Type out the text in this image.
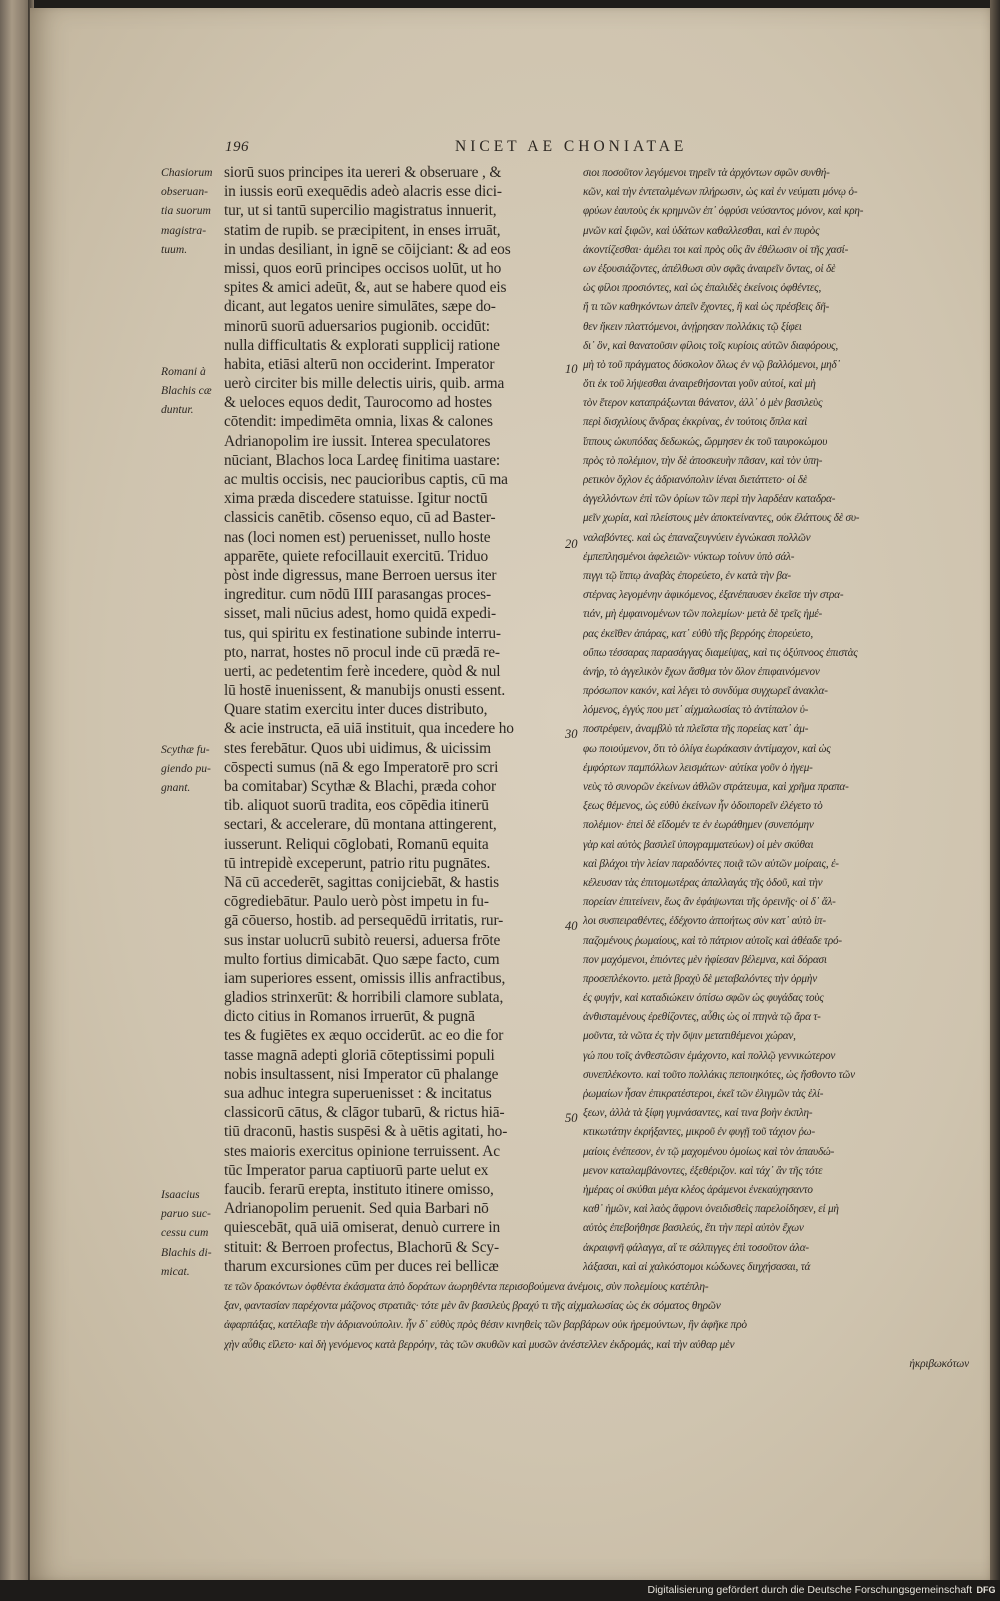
196	NICET AE CHONIATAE
Chasiorum
obseruan-
tia suorum
magistra-
tuum.
Romani à
Blachis cæ
duntur.
Scythæ fu-
giendo pu-
gnant.
Isaacius
paruo suc-
cessu cum
Blachis di-
micat.
10
20
30
40
50
siorū suos principes ita uereri & obseruare , &
in iussis eorū exequēdis adeò alacris esse dici-
tur, ut si tantū supercilio magistratus innuerit,
statim de rupib. se præcipitent, in enses irruāt,
in undas desiliant, in ignē se cōijciant: & ad eos
missi, quos eorū principes occisos uolūt, ut ho
spites & amici adeūt, &, aut se habere quod eis
dicant, aut legatos uenire simulātes, sæpe do-
minorū suorū aduersarios pugionib. occidūt:
nulla difficultatis & explorati supplicij ratione
habita, etiāsi alterū non occiderint. Imperator
uerò circiter bis mille delectis uiris, quib. arma
& ueloces equos dedit, Taurocomo ad hostes
cōtendit: impedimēta omnia, lixas & calones
Adrianopolim ire iussit. Interea speculatores
nūciant, Blachos loca Lardeę finitima uastare:
ac multis occisis, nec paucioribus captis, cū ma
xima præda discedere statuisse. Igitur noctū
classicis canētib. cōsenso equo, cū ad Baster-
nas (loci nomen est) peruenisset, nullo hoste
apparēte, quiete refocillauit exercitū. Triduo
pòst inde digressus, mane Berroen uersus iter
ingreditur. cum nōdū IIII parasangas proces-
sisset, mali nūcius adest, homo quidā expedi-
tus, qui spiritu ex festinatione subinde interru-
pto, narrat, hostes nō procul inde cū prædā re-
uerti, ac pedetentim ferè incedere, quòd & nul
lū hostē inuenissent, & manubijs onusti essent.
Quare statim exercitu inter duces distributo,
& acie instructa, eā uiā instituit, qua incedere ho
stes ferebātur. Quos ubi uidimus, & uicissim
cōspecti sumus (nā & ego Imperatorē pro scri
ba comitabar) Scythæ & Blachi, præda cohor
tib. aliquot suorū tradita, eos cōpēdia itinerū
sectari, & accelerare, dū montana attingerent,
iusserunt. Reliqui cōglobati, Romanū equita
tū intrepidè exceperunt, patrio ritu pugnātes.
Nā cū accederēt, sagittas conijciebāt, & hastis
cōgrediebātur. Paulo uerò pòst impetu in fu-
gā cōuerso, hostib. ad persequēdū irritatis, rur-
sus instar uolucrū subitò reuersi, aduersa frōte
multo fortius dimicabāt. Quo sæpe facto, cum
iam superiores essent, omissis illis anfractibus,
gladios strinxerūt: & horribili clamore sublata,
dicto citius in Romanos irruerūt, & pugnā
tes & fugiētes ex æquo occiderūt. ac eo die for
tasse magnā adepti gloriā cōteptissimi populi
nobis insultassent, nisi Imperator cū phalange
sua adhuc integra superuenisset : & incitatus
classicorū cātus, & clāgor tubarū, & rictus hiā-
tiū draconū, hastis suspēsi & à uētis agitati, ho-
stes maioris exercitus opinione terruissent. Ac
tūc Imperator parua captiuorū parte uelut ex
faucib. ferarū erepta, instituto itinere omisso,
Adrianopolim peruenit. Sed quia Barbari nō
quiescebāt, quā uiā omiserat, denuò currere in
stituit: & Berroen profectus, Blachorū & Scy-
tharum excursiones cūm per duces rei bellicæ
σιοι ποσοῦτον λεγόμενοι τηρεῖν τὰ ἀρχόντων σφῶν συνθή-
κῶν, καὶ τὴν ἐντεταλμένων πλήρωσιν, ὡς καὶ ἐν νεύματι μόνῳ ὀ-
φρύων ἑαυτοὺς ἐκ κρημνῶν ἐπ᾽ ὀφρύσι νεύσαντος μόνον, καὶ κρη-
μνῶν καὶ ξιφῶν, καὶ ὑδάτων καθαλλεσθαι, καὶ ἐν πυρὸς
ἀκοντίζεσθαι· ἀμέλει τοι καὶ πρὸς οὓς ἂν ἐθέλωσιν οἱ τῆς χασί-
ων ἐξουσιάζοντες, ἀπέλθωσι σὺν σφᾶς ἀναιρεῖν ὄντας, οἱ δὲ
ὡς φίλοι προσιόντες, καὶ ὡς ἐπαλιδὲς ἐκείνοις ὀφθέντες,
ἤ τι τῶν καθηκόντων ἀπεῖν ἔχοντες, ἢ καὶ ὡς πρέσβεις δῆ-
θεν ἥκειν πλαττόμενοι, ἀνῄρησαν πολλάκις τῷ ξίφει
δι᾽ ὃν, καὶ θανατοῦσιν φίλοις τοῖς κυρίοις αὐτῶν διαφόρους,
μὴ τὸ τοῦ πράγματος δύσκολον ὅλως ἐν νῷ βαλλόμενοι, μηδ᾽
ὅτι ἐκ τοῦ λήψεσθαι ἀναιρεθήσονται γοῦν αὐτοί, καὶ μὴ
τὸν ἕτερον καταπράξωνται θάνατον, ἀλλ᾽ ὁ μὲν βασιλεὺς
περὶ δισχιλίους ἄνδρας ἐκκρίνας, ἐν τούτοις ὅπλα καὶ
ἵππους ὠκυπόδας δεδωκώς, ὥρμησεν ἐκ τοῦ ταυροκώμου
πρὸς τὸ πολέμιον, τὴν δὲ ἀποσκευὴν πᾶσαν, καὶ τὸν ὑπη-
ρετικὸν ὄχλον ἐς ἀδριανόπολιν ἰέναι διετάττετο· οἱ δὲ
ἀγγελλόντων ἐπὶ τῶν ὁρίων τῶν περὶ τὴν λαρδέαν καταδρα-
μεῖν χωρία, καὶ πλείστους μὲν ἀποκτείναντες, οὐκ ἐλάττους δὲ συ-
ναλαβόντες. καὶ ὡς ἐπαναζευγνύειν ἐγνώκασι πολλῶν
ἐμπεπλησμένοι ἀφελειῶν· νύκτωρ τοίνυν ὑπὸ σάλ-
πιγγι τῷ ἵππῳ ἀναβὰς ἐπορεύετο, ἐν κατὰ τὴν βα-
στέρνας λεγομένην ἀφικόμενος, ἐξανέπαυσεν ἐκεῖσε τὴν στρα-
τιάν, μὴ ἐμφαινομένων τῶν πολεμίων· μετὰ δὲ τρεῖς ἡμέ-
ρας ἐκεῖθεν ἀπάρας, κατ᾽ εὐθὺ τῆς βερρόης ἐπορεύετο,
οὔπω τέσσαρας παρασάγγας διαμείψας, καὶ τις ὀξύπνοος ἐπιστὰς
ἀνήρ, τὸ ἀγγελικὸν ἔχων ἄσθμα τὸν ὅλον ἐπιφαινόμενον
πρόσωπον κακόν, καὶ λέγει τὸ συνδύμα συγχωρεῖ ἀνακλα-
λόμενος, ἐγγύς που μετ᾽ αἰχμαλωσίας τὸ ἀντίπαλον ὑ-
ποστρέφειν, ἀναμβλὺ τὰ πλεῖστα τῆς πορείας κατ᾽ ἀμ-
φω ποιούμενον, ὅτι τὸ ὀλίγα ἑωράκασιν ἀντίμαχον, καὶ ὡς
ἐμφόρτων παμπόλλων λεισμάτων· αὐτίκα γοῦν ὁ ἡγεμ-
νεὺς τὸ συνορῶν ἐκείνων ἀθλῶν στράτευμα, καὶ χρῆμα πραπα-
ξεως θέμενος, ὡς εὐθὺ ἐκείνων ἦν ὁδοιπορεῖν ἐλέγετο τὸ
πολέμιον· ἐπεὶ δὲ εἴδομέν τε ἐν ἑωράθημεν (συνεπόμην
γὰρ καὶ αὐτὸς βασιλεῖ ὑπογραμματεύων) οἱ μὲν σκύθαι
καὶ βλάχοι τὴν λείαν παραδόντες ποιᾷ τῶν αὐτῶν μοίραις, ἐ-
κέλευσαν τὰς ἐπιτομωτέρας ἀπαλλαγάς τῆς ὁδοῦ, καὶ τὴν
πορείαν ἐπιτείνειν, ἕως ἂν ἐφάψωνται τῆς ὀρεινῆς· οἱ δ᾽ ἄλ-
λοι συσπειραθέντες, ἐδέχοντο ἀπτοήτως σὺν κατ᾽ αὐτὸ ἱπ-
παζομένους ῥωμαίους, καὶ τὸ πάτριον αὐτοῖς καὶ ἀθέαδε τρό-
πον μαχόμενοι, ἐπιόντες μὲν ἠφίεσαν βέλεμνα, καὶ δόρασι
προσεπλέκοντο. μετὰ βραχὺ δὲ μεταβαλόντες τὴν ὁρμὴν
ἐς φυγήν, καὶ καταδιώκειν ὀπίσω σφῶν ὡς φυγάδας τοὺς
ἀνθισταμένους ἐρεθίζοντες, αὖθις ὡς οἱ πτηνὰ τῷ ἄρα τ-
μοῦντα, τὰ νῶτα ἐς τὴν ὄψιν μετατιθέμενοι χώραν,
γώ που τοῖς ἀνθεστῶσιν ἐμάχοντο, καὶ πολλῷ γεννικώτερον
συνεπλέκοντο. καὶ τοῦτο πολλάκις πεποιηκότες, ὡς ἤσθοντο τῶν
ῥωμαίων ἦσαν ἐπικρατέστεροι, ἐκεῖ τῶν ἑλιγμῶν τὰς ἑλί-
ξεων, ἀλλὰ τὰ ξίφη γυμνάσαντες, καί τινα βοὴν ἐκπλη-
κτικωτάτην ἐκρήξαντες, μικροῦ ἐν φυγῇ τοῦ τάχιον ῥω-
μαίοις ἐνέπεσον, ἐν τῷ μαχομένου ὁμοίως καὶ τὸν ἀπαυδώ-
μενον καταλαμβάνοντες, ἐξεθέριζον. καὶ τάχ᾽ ἂν τῆς τότε
ἡμέρας οἱ σκύθαι μέγα κλέος ἀράμενοι ἐνεκαύχησαντο
καθ᾽ ἡμῶν, καὶ λαὸς ἄφρονι ὀνειδισθεὶς παρελοίδησεν, εἰ μὴ
αὐτὸς ἐπεβοήθησε βασιλεύς, ἔτι τὴν περὶ αὐτὸν ἔχων
ἀκραιφνῆ φάλαγγα, αἵ τε σάλπιγγες ἐπὶ τοσοῦτον ἀλα-
λάξασαι, καὶ αἱ χαλκόστομοι κώδωνες διηχήσασαι, τά
τε τῶν δρακόντων ὀφθέντα ἐκάσματα ἀπὸ δοράτων ἀωρηθέντα περισοβούμενα ἀνέμοις, σὺν πολεμίους κατέπλη-
ξαν, φαντασίαν παρέχοντα μάζονος στρατιᾶς· τότε μὲν ἂν βασιλεὺς βραχύ τι τῆς αἰχμαλωσίας ὡς ἐκ σόματος θηρῶν
ἀφαρπάξας, κατέλαβε τὴν ἀδριανούπολιν. ἦν δ᾽ εὐθὺς πρὸς θέσιν κινηθεὶς τῶν βαρβάρων οὐκ ἠρεμούντων, ἣν ἀφῆκε πρὸ
χὴν αὖθις εἵλετο· καὶ δὴ γενόμενος κατὰ βερρόην, τὰς τῶν σκυθῶν καὶ μυσῶν ἀνέστελλεν ἐκδρομάς, καὶ τὴν αὐθαρ μὲν
ἠκριβωκότων
Digitalisierung gefördert durch die Deutsche Forschungsgemeinschaft DFG
